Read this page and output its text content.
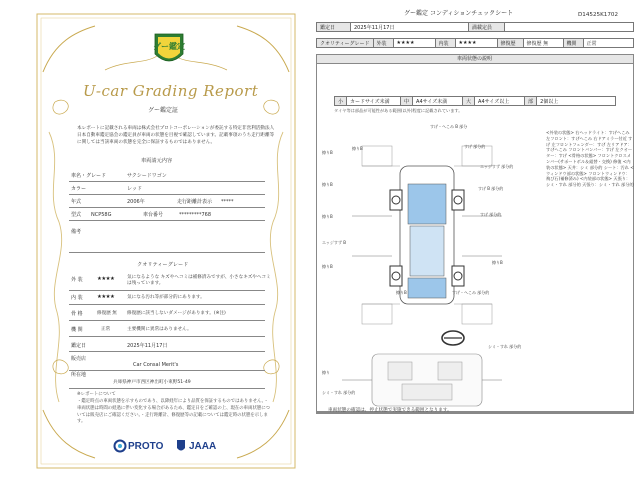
グー鑑定
U-car Grading Report
グー鑑定証
本レポートに記載される車両は株式会社プロトコーポレーションが委託する特定非営利活動法人日本自動車鑑定協会の鑑定員が車両の状態を目視で確認しています。記載事項のうち走行距離等に関しては当該車両の状態を完全に保証するものではありません。
車両請元内容
車名・グレード	サクシードワゴン
カラー	レッド
年式	2006年	走行距離計表示 *****
型式 NCP58G	車台番号	*********768
備考
クオリティーグレード
外 装	★★★★	気になるような キズやヘコミは補修済みですが、小さなキズやヘコミは残っています。
内 装	★★★★	気になる汚れ等が部分的にあります。
骨 格	修復歴 無 修復歴に該当しないダメージがあります。(※注)
機 関	正常	主要機関に異常はありません。
鑑定日	2025年11月17日
販売店
Car Consal Merit's
所在地
兵庫県神戸市西区神出町小束野51-49
※レポートについて
・鑑定時点の車両状態を示すものであり、以降経年により品質を保証するものではありません。・車両状態は時間の経過に伴い変化する場合があるため、鑑定日をご確認の上、現在の車両状態については販売店にご確認ください。・走行距離計、修復歴等の記載については鑑定時の状態を示します。
PROTO	JAAA
グー鑑定 コンディションチェックシート	D14525K1702
鑑定日	2025年11月17日	満載定員	
クオリティーグレード	外装	★★★★	内装	★★★★	修復歴	修復歴 無	機関	正常
車両状態の説明
小	カードサイズ未満	中	A4サイズ未満	大	A4サイズ以上	部	2個以上
タイヤ等は部品が可能性がある範囲(以外)程度に記載されています。
すげ・へこみ B 部分
擦りB	すげ 部分的
擦りB
エッジすず 部分的
すげ B 部分的
すげ 部分的
擦りB
擦りB
エッジすず B
擦りB
擦りB
すげ・へこみ 部分的
シミ・すれ 部分的
シミ・すれ 部分的
擦りB
擦り
<外装の状態> 右ヘッドライト：すげへこみ 左フロント：すげへこみ 右ドアミラー付近 すげ 左フロントフェンダー：すげ 左リアドア：すげへこみ フロントバンパー：すげ 左クオーター：すげ <骨格の状態> フロントクロスメンバー(サポートボル＆組替・交換) 修復 <内装の状態> 天井：シミ 部分的 シート：汚れ <ウィンドウ部の状態> フロントウィンドウ：飛び石(補修済み) <内装部の状態> 天張り：シミ・すれ 部分的 天張り：シミ・すれ 部分的
車両状態の確認は、停止状態で実施できる範囲となります。
